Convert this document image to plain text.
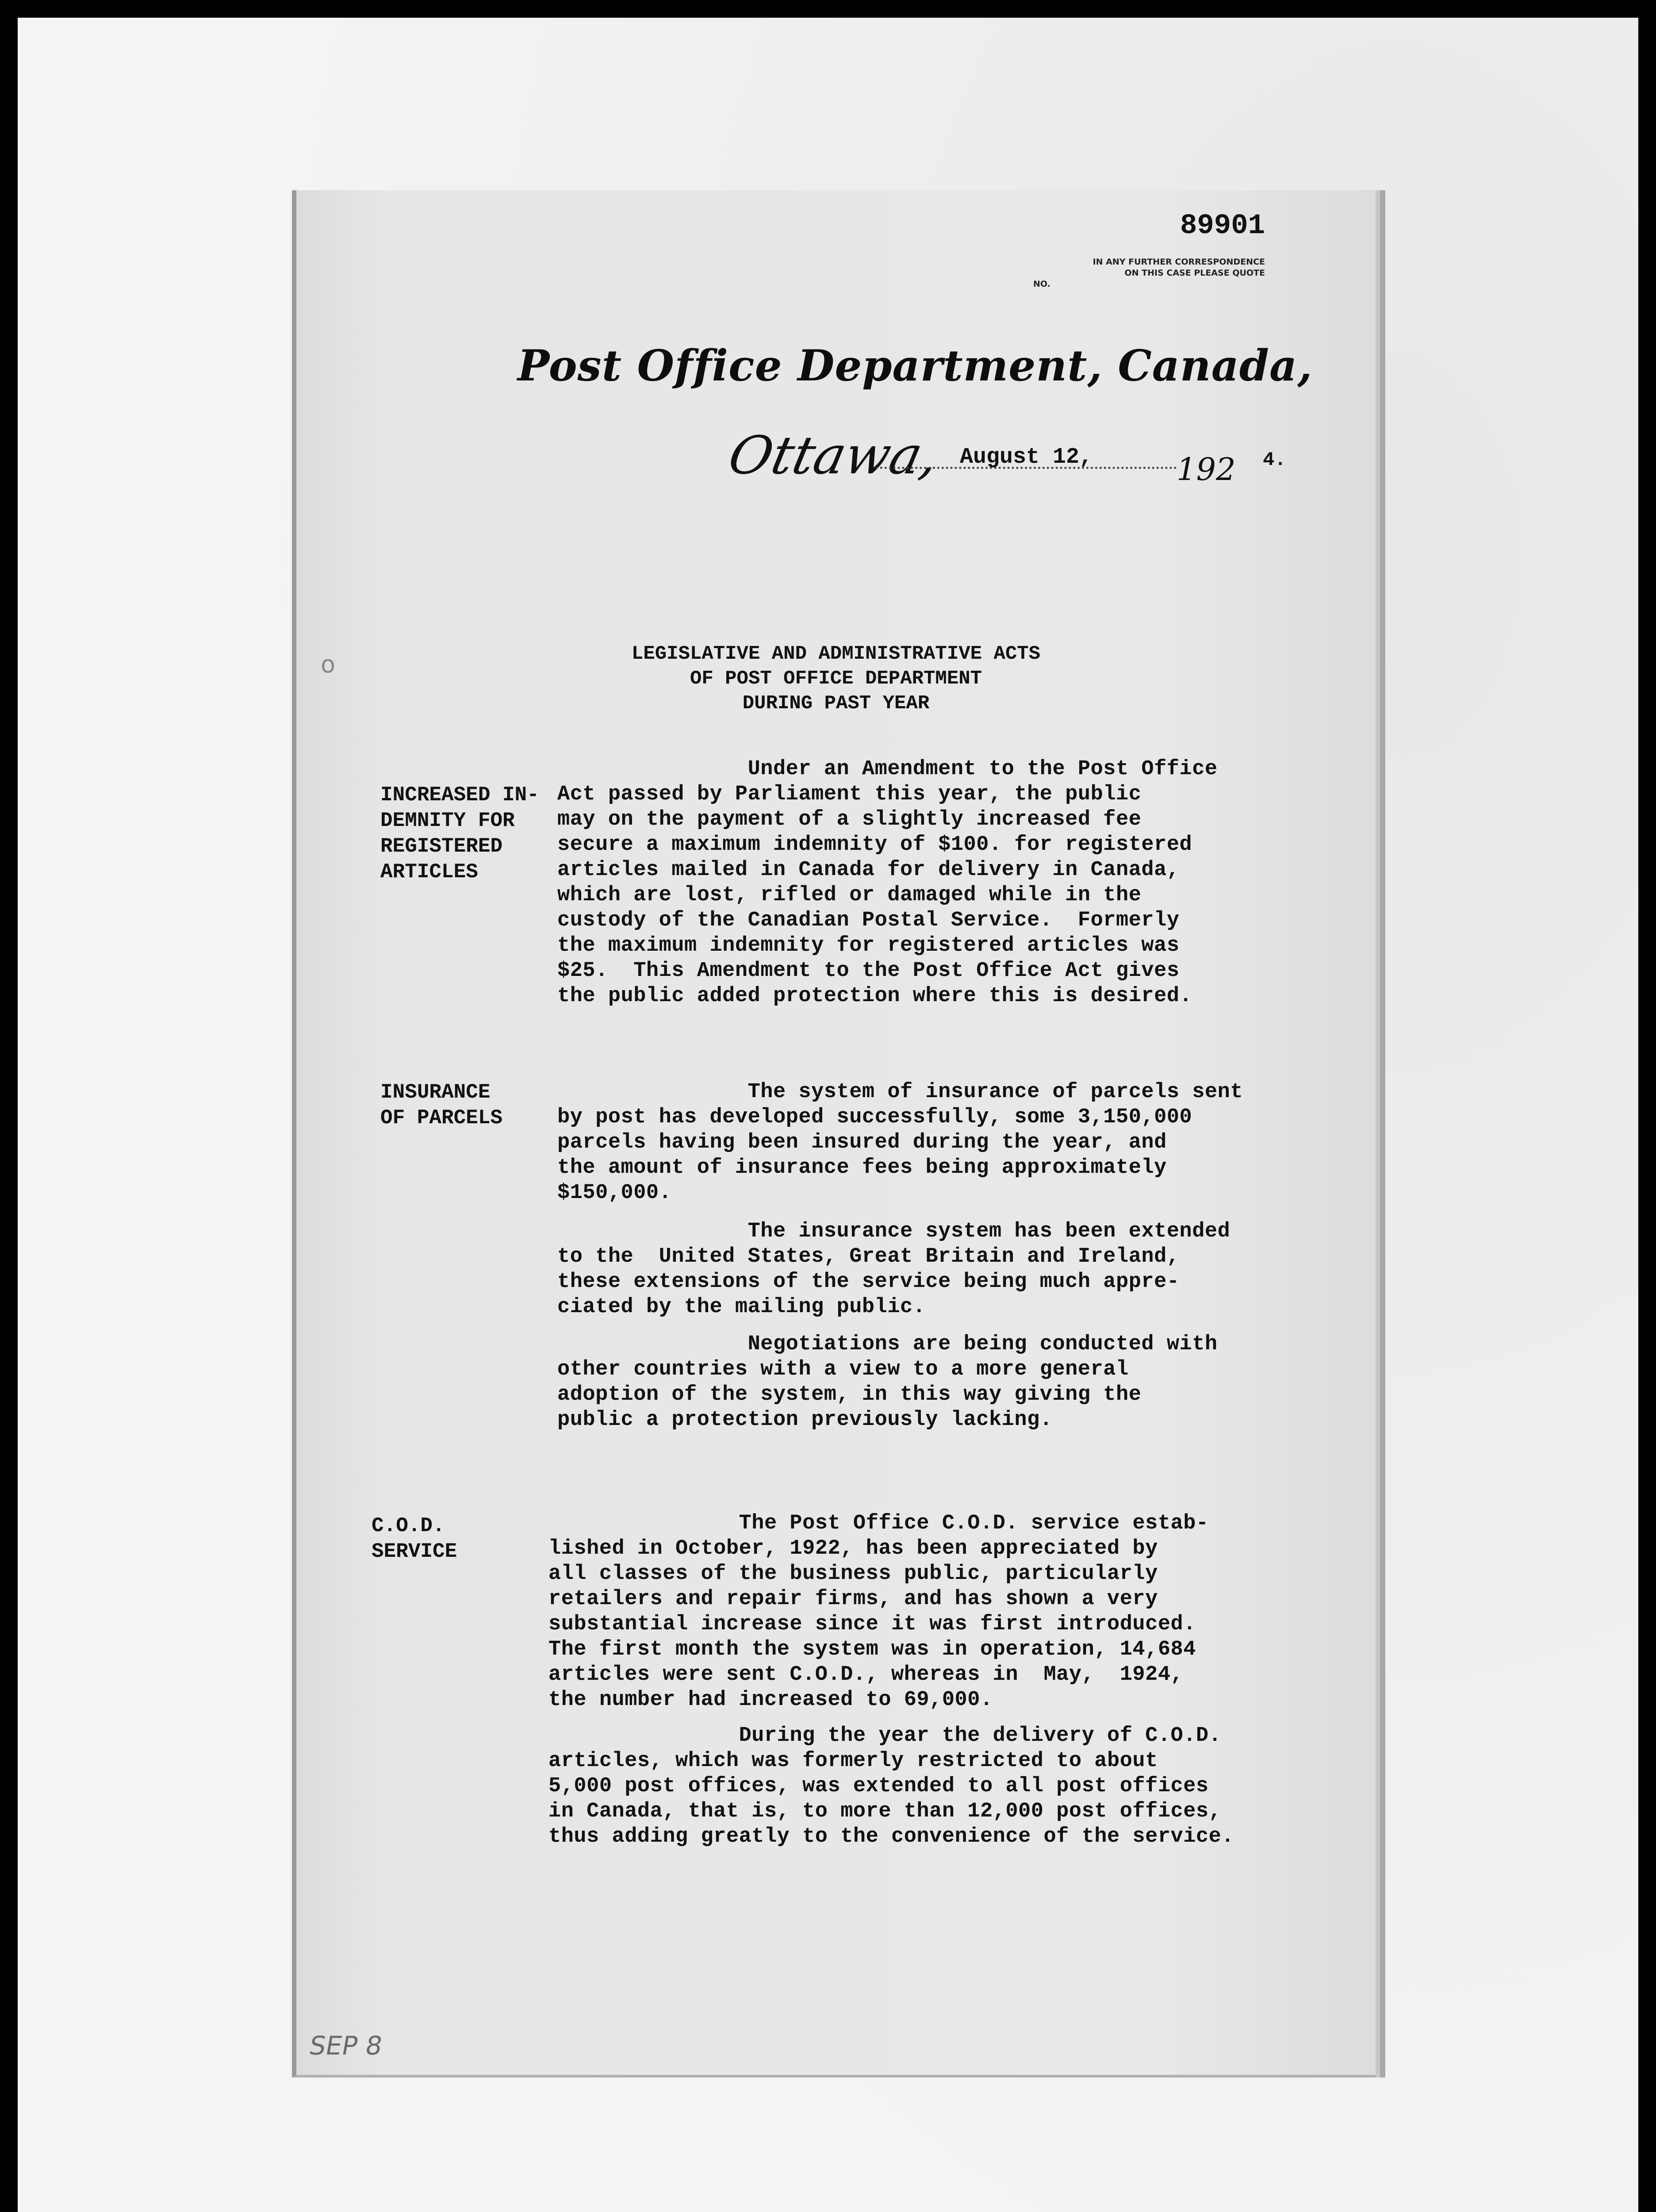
89901
IN ANY FURTHER CORRESPONDENCE
ON THIS CASE PLEASE QUOTE
NO.
Post Office Department, Canada,
Ottawa, August 12,	192 4.
LEGISLATIVE AND ADMINISTRATIVE ACTS
OF POST OFFICE DEPARTMENT
DURING PAST YEAR
INCREASED IN-
DEMNITY FOR
REGISTERED
ARTICLES
Under an Amendment to the Post Office
Act passed by Parliament this year, the public
may on the payment of a slightly increased fee
secure a maximum indemnity of $100. for registered
articles mailed in Canada for delivery in Canada,
which are lost, rifled or damaged while in the
custody of the Canadian Postal Service.  Formerly
the maximum indemnity for registered articles was
$25.  This Amendment to the Post Office Act gives
the public added protection where this is desired.
INSURANCE
OF PARCELS
The system of insurance of parcels sent
by post has developed successfully, some 3,150,000
parcels having been insured during the year, and
the amount of insurance fees being approximately
$150,000.
The insurance system has been extended
to the  United States, Great Britain and Ireland,
these extensions of the service being much appre-
ciated by the mailing public.
Negotiations are being conducted with
other countries with a view to a more general
adoption of the system, in this way giving the
public a protection previously lacking.
C.O.D.
SERVICE
The Post Office C.O.D. service estab-
lished in October, 1922, has been appreciated by
all classes of the business public, particularly
retailers and repair firms, and has shown a very
substantial increase since it was first introduced.
The first month the system was in operation, 14,684
articles were sent C.O.D., whereas in  May,  1924,
the number had increased to 69,000.
During the year the delivery of C.O.D.
articles, which was formerly restricted to about
5,000 post offices, was extended to all post offices
in Canada, that is, to more than 12,000 post offices,
thus adding greatly to the convenience of the service.
SEP 8
o
